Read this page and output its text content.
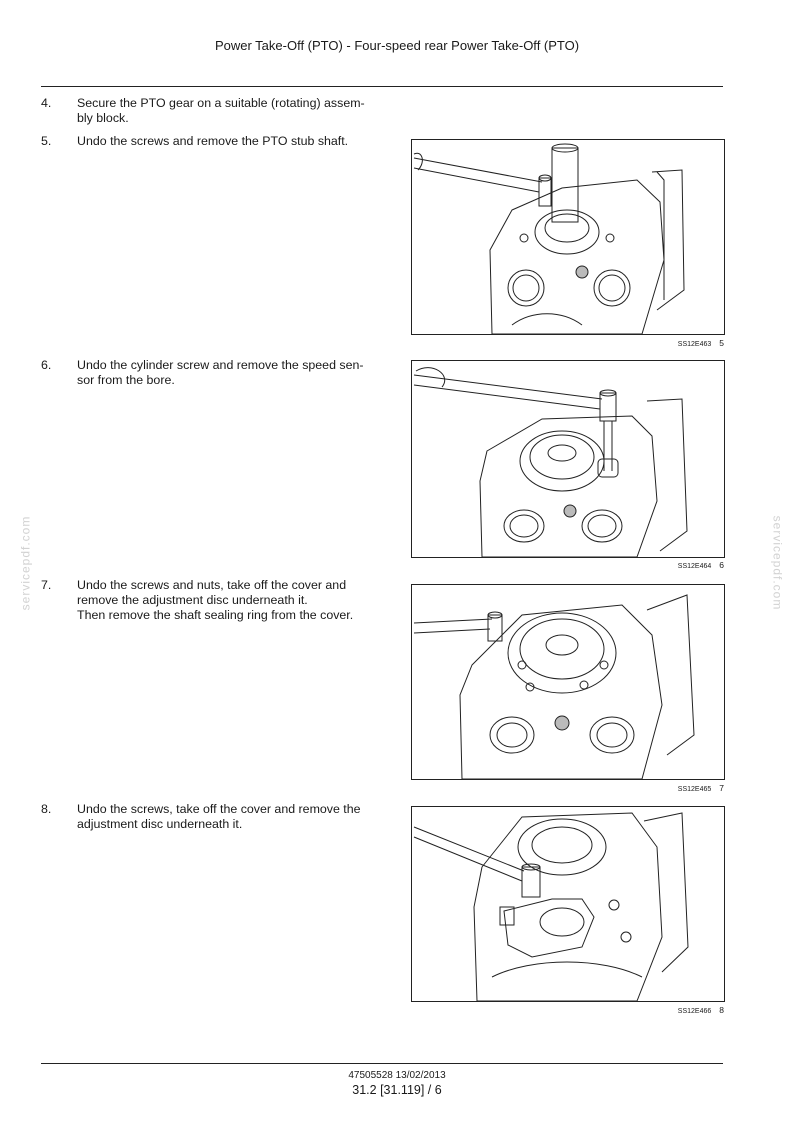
Power Take-Off (PTO) - Four-speed rear Power Take-Off (PTO)
servicepdf.com	servicepdf.com
4.	Secure the PTO gear on a suitable (rotating) assem-
bly block.
5.	Undo the screws and remove the PTO stub shaft.
6.	Undo the cylinder screw and remove the speed sen-
sor from the bore.
7.	Undo the screws and nuts, take off the cover and
remove the adjustment disc underneath it.
Then remove the shaft sealing ring from the cover.
8.	Undo the screws, take off the cover and remove the
adjustment disc underneath it.
SS12E463 5
SS12E464 6
SS12E465 7
SS12E466 8
47505528 13/02/2013
31.2 [31.119] / 6
